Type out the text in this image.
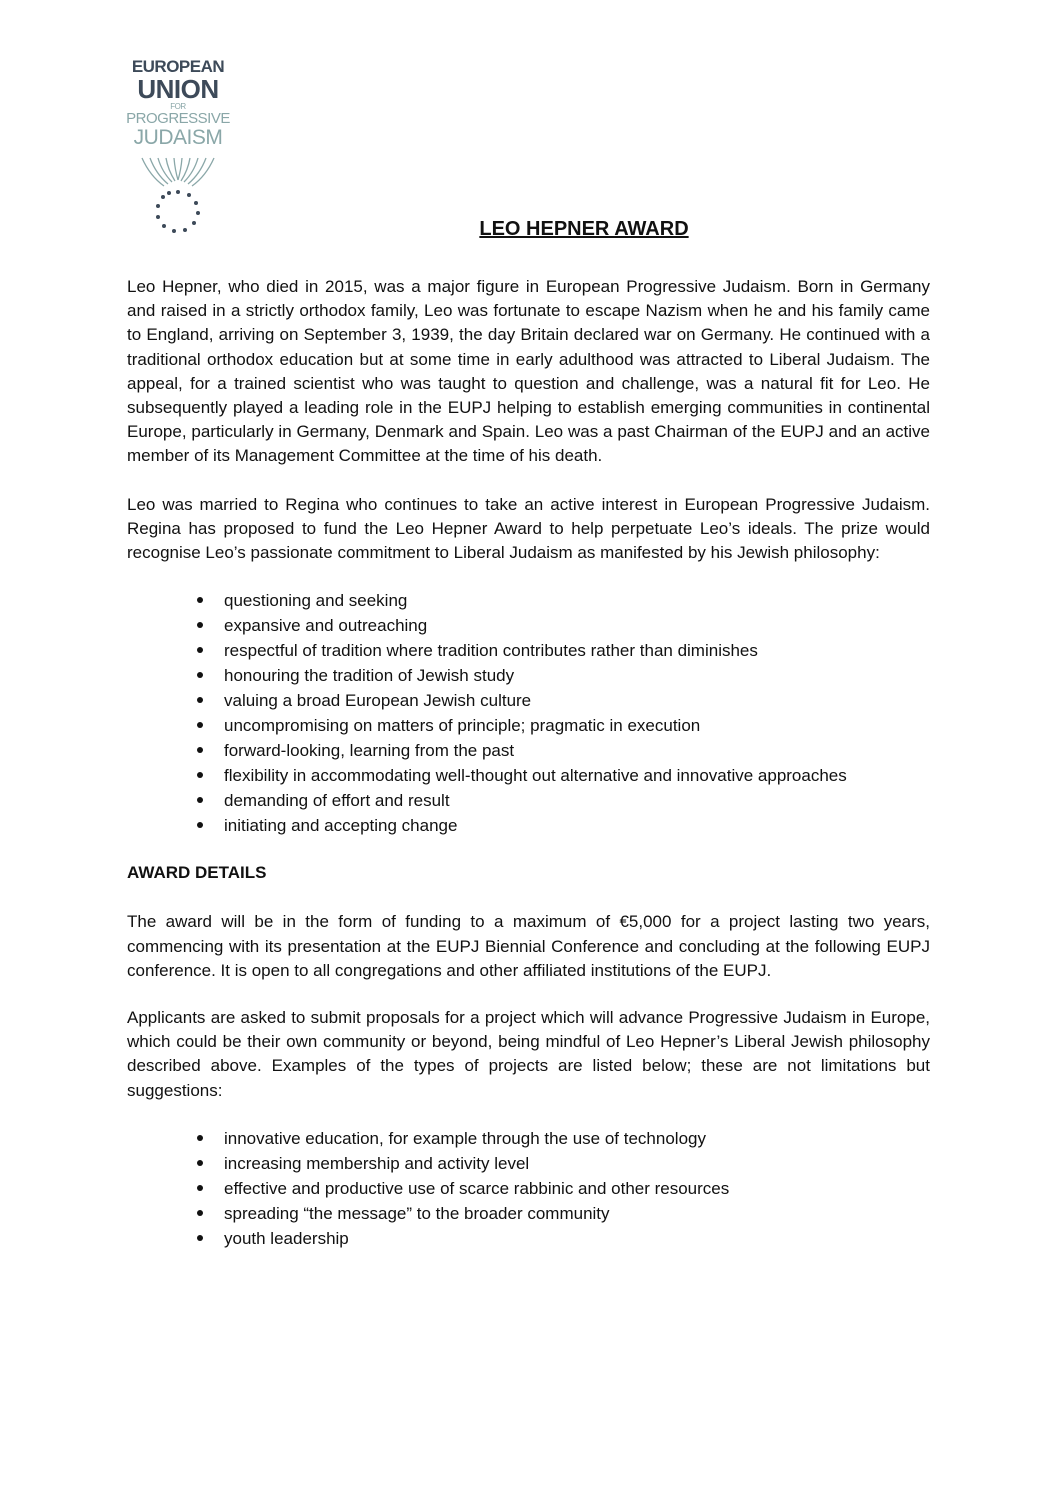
EUROPEAN
UNION
FOR
PROGRESSIVE
JUDAISM
LEO HEPNER AWARD

Leo Hepner, who died in 2015, was a major figure in European Progressive Judaism. Born in Germany and raised in a strictly orthodox family, Leo was fortunate to escape Nazism when he and his family came to England, arriving on September 3, 1939, the day Britain declared war on Germany. He continued with a traditional orthodox education but at some time in early adulthood was attracted to Liberal Judaism. The appeal, for a trained scientist who was taught to question and challenge, was a natural fit for Leo. He subsequently played a leading role in the EUPJ helping to establish emerging communities in continental Europe, particularly in Germany, Denmark and Spain. Leo was a past Chairman of the EUPJ and an active member of its Management Committee at the time of his death.

Leo was married to Regina who continues to take an active interest in European Progressive Judaism. Regina has proposed to fund the Leo Hepner Award to help perpetuate Leo’s ideals. The prize would recognise Leo’s passionate commitment to Liberal Judaism as manifested by his Jewish philosophy:

questioning and seeking
expansive and outreaching
respectful of tradition where tradition contributes rather than diminishes
honouring the tradition of Jewish study
valuing a broad European Jewish culture
uncompromising on matters of principle; pragmatic in execution
forward-looking, learning from the past
flexibility in accommodating well-thought out alternative and innovative approaches
demanding of effort and result
initiating and accepting change
AWARD DETAILS

The award will be in the form of funding to a maximum of €5,000 for a project lasting two years, commencing with its presentation at the EUPJ Biennial Conference and concluding at the following EUPJ conference. It is open to all congregations and other affiliated institutions of the EUPJ.

Applicants are asked to submit proposals for a project which will advance Progressive Judaism in Europe, which could be their own community or beyond, being mindful of Leo Hepner’s Liberal Jewish philosophy described above. Examples of the types of projects are listed below; these are not limitations but suggestions:

innovative education, for example through the use of technology
increasing membership and activity level
effective and productive use of scarce rabbinic and other resources
spreading “the message” to the broader community
youth leadership
